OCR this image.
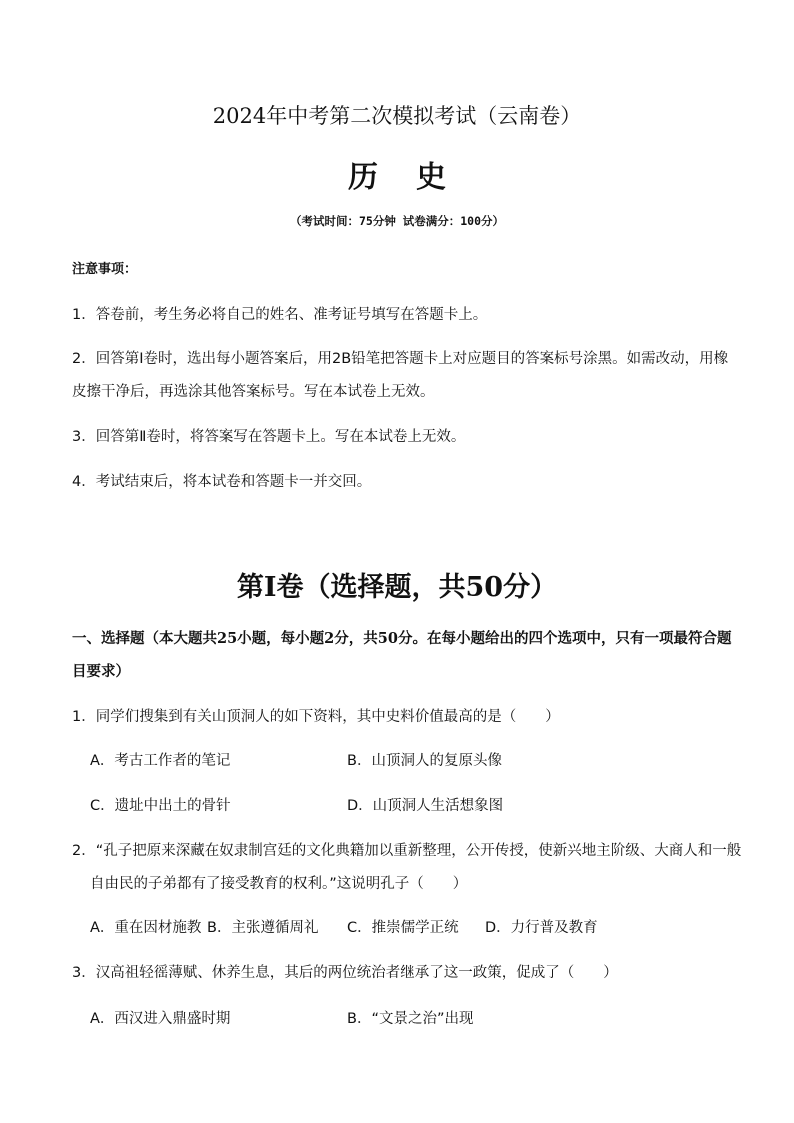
2024年中考第二次模拟考试（云南卷）
历史
（考试时间：75分钟 试卷满分：100分）
注意事项：
1．答卷前，考生务必将自己的姓名、准考证号填写在答题卡上。
2．回答第Ⅰ卷时，选出每小题答案后，用2B铅笔把答题卡上对应题目的答案标号涂黑。如需改动，用橡
皮擦干净后，再选涂其他答案标号。写在本试卷上无效。
3．回答第Ⅱ卷时，将答案写在答题卡上。写在本试卷上无效。
4．考试结束后，将本试卷和答题卡一并交回。
第Ⅰ卷（选择题，共50分）
一、选择题（本大题共25小题，每小题2分，共50分。在每小题给出的四个选项中，只有一项最符合题
目要求）
1．同学们搜集到有关山顶洞人的如下资料，其中史料价值最高的是（　　）
A．考古工作者的笔记	B．山顶洞人的复原头像
C．遗址中出土的骨针	D．山顶洞人生活想象图
2．“孔子把原来深藏在奴隶制宫廷的文化典籍加以重新整理，公开传授，使新兴地主阶级、大商人和一般
自由民的子弟都有了接受教育的权利。”这说明孔子（　　）
A．重在因材施教 B．主张遵循周礼 C．推崇儒学正统 D．力行普及教育
3．汉高祖轻徭薄赋、休养生息，其后的两位统治者继承了这一政策，促成了（　　）
A．西汉进入鼎盛时期	B．“文景之治”出现
